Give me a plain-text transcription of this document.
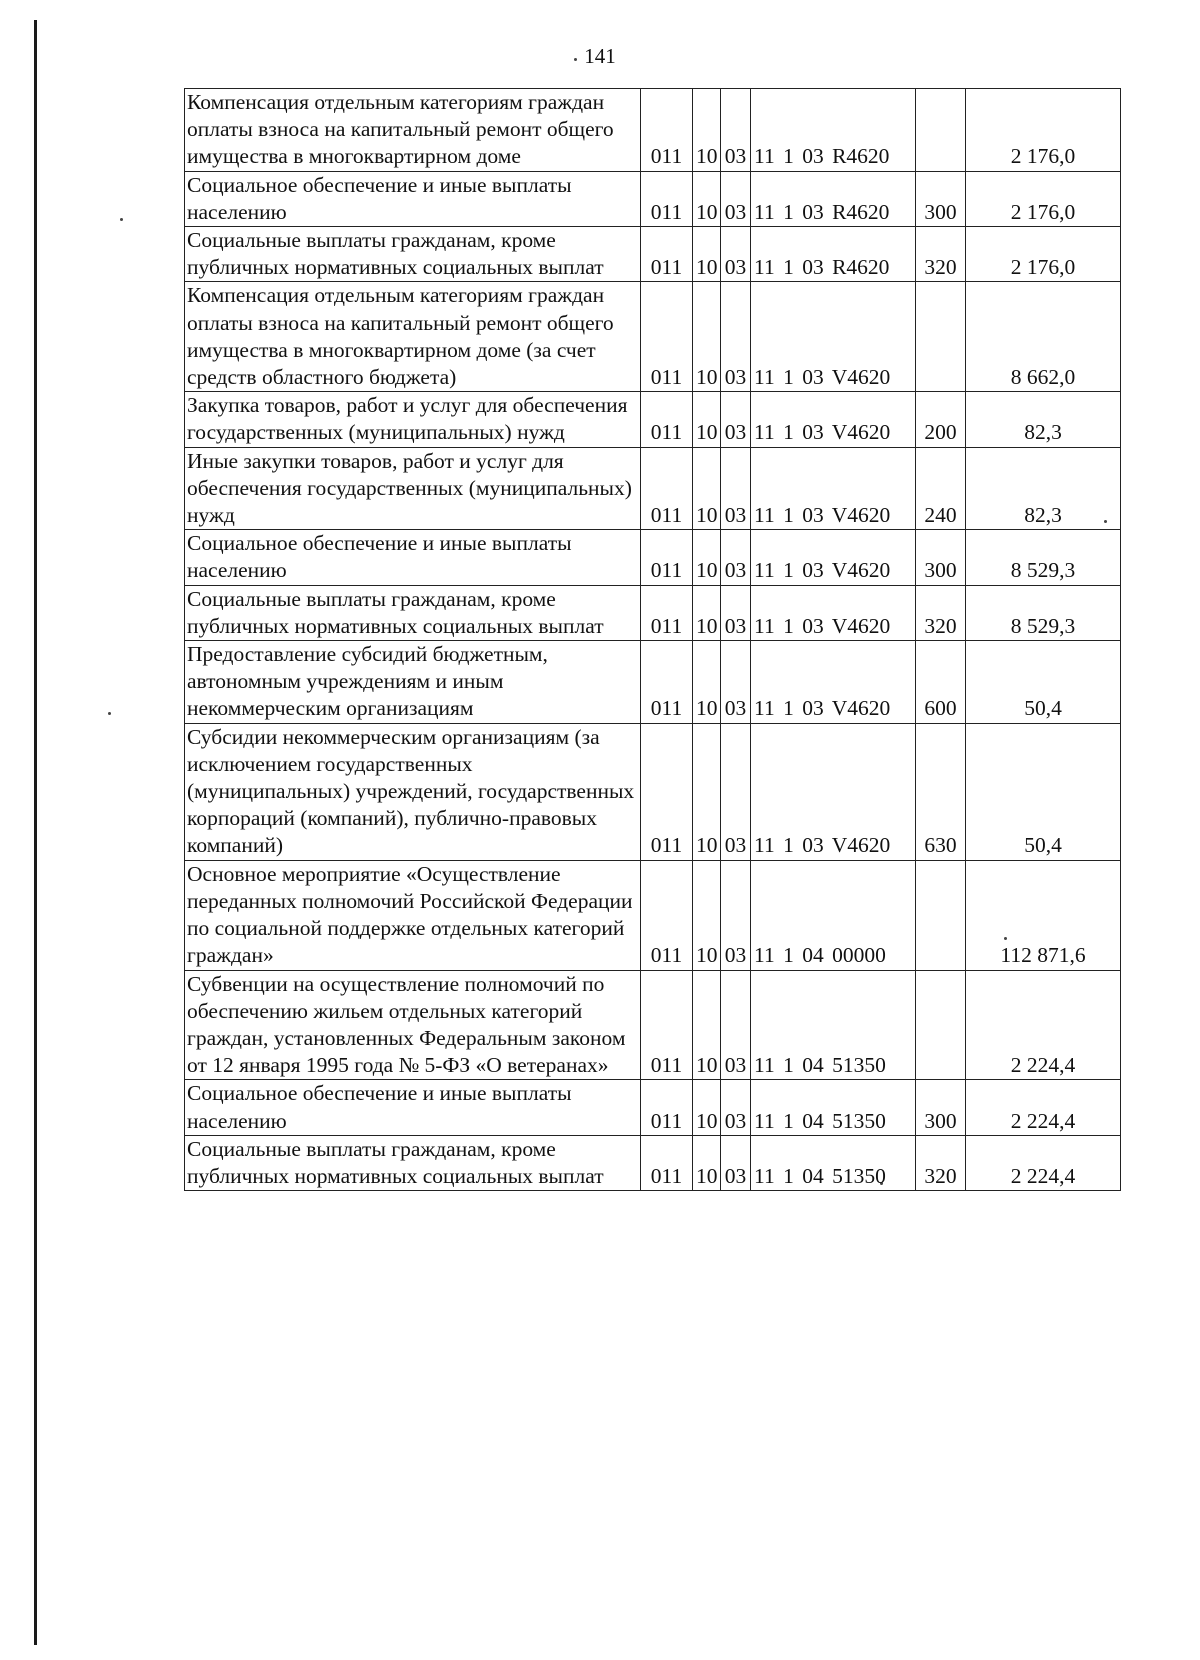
141
Компенсация отдельным категориям граждан оплаты взноса на капитальный ремонт общего имущества в многоквартирном доме	011	10	03	11 1 03 R4620		2 176,0
Социальное обеспечение и иные выплаты населению	011	10	03	11 1 03 R4620	300	2 176,0
Социальные выплаты гражданам, кроме публичных нормативных социальных выплат	011	10	03	11 1 03 R4620	320	2 176,0
Компенсация отдельным категориям граждан оплаты взноса на капитальный ремонт общего имущества в многоквартирном доме (за счет средств областного бюджета)	011	10	03	11 1 03 V4620		8 662,0
Закупка товаров, работ и услуг для обеспечения государственных (муниципальных) нужд	011	10	03	11 1 03 V4620	200	82,3
Иные закупки товаров, работ и услуг для обеспечения государственных (муниципальных) нужд	011	10	03	11 1 03 V4620	240	82,3
Социальное обеспечение и иные выплаты населению	011	10	03	11 1 03 V4620	300	8 529,3
Социальные выплаты гражданам, кроме публичных нормативных социальных выплат	011	10	03	11 1 03 V4620	320	8 529,3
Предоставление субсидий бюджетным, автономным учреждениям и иным некоммерческим организациям	011	10	03	11 1 03 V4620	600	50,4
Субсидии некоммерческим организациям (за исключением государственных (муниципальных) учреждений, государственных корпораций (компаний), публично-правовых компаний)	011	10	03	11 1 03 V4620	630	50,4
Основное мероприятие «Осуществление переданных полномочий Российской Федерации по социальной поддержке отдельных категорий граждан»	011	10	03	11 1 04 00000		112 871,6
Субвенции на осуществление полномочий по обеспечению жильем отдельных категорий граждан, установленных Федеральным законом от 12 января 1995 года № 5-ФЗ «О ветеранах»	011	10	03	11 1 04 51350		2 224,4
Социальное обеспечение и иные выплаты населению	011	10	03	11 1 04 51350	300	2 224,4
Социальные выплаты гражданам, кроме публичных нормативных социальных выплат	011	10	03	11 1 04 51350	320	2 224,4
